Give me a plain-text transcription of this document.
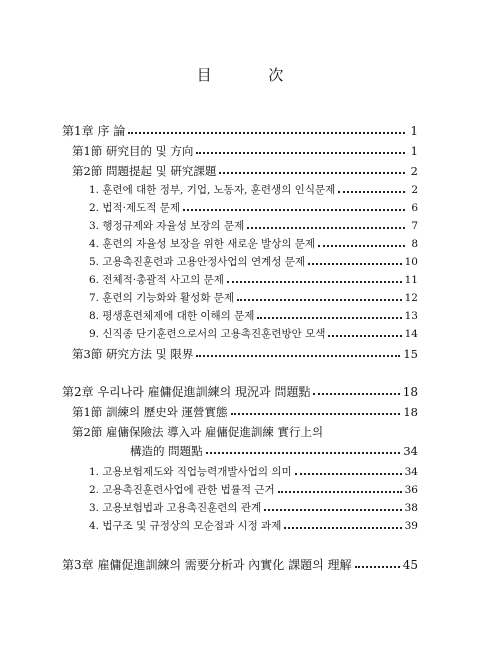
目 次
第1章 序 論	1
第1節 研究目的 및 方向	1
第2節 問題提起 및 硏究課題	2
1. 훈련에 대한 정부, 기업, 노동자, 훈련생의 인식문제	2
2. 법적·제도적 문제	6
3. 행정규제와 자율성 보장의 문제	7
4. 훈련의 자율성 보장을 위한 새로운 발상의 문제	8
5. 고용촉진훈련과 고용안정사업의 연계성 문제	10
6. 전체적·총괄적 사고의 문제	11
7. 훈련의 기능화와 활성화 문제	12
8. 평생훈련체제에 대한 이해의 문제	13
9. 신직종 단기훈련으로서의 고용촉진훈련방안 모색	14
第3節 硏究方法 및 限界	15
第2章 우리나라 雇傭促進訓練의 現況과 問題點	18
第1節 訓練의 歷史와 運營實態	18
第2節 雇傭保險法 導入과 雇傭促進訓練 實行上의
構造的 問題點	34
1. 고용보험제도와 직업능력개발사업의 의미	34
2. 고용촉진훈련사업에 관한 법률적 근거	36
3. 고용보험법과 고용촉진훈련의 관계	38
4. 법구조 및 규정상의 모순점과 시정 과제	39
第3章 雇傭促進訓練의 需要分析과 內實化 課題의 理解	45
